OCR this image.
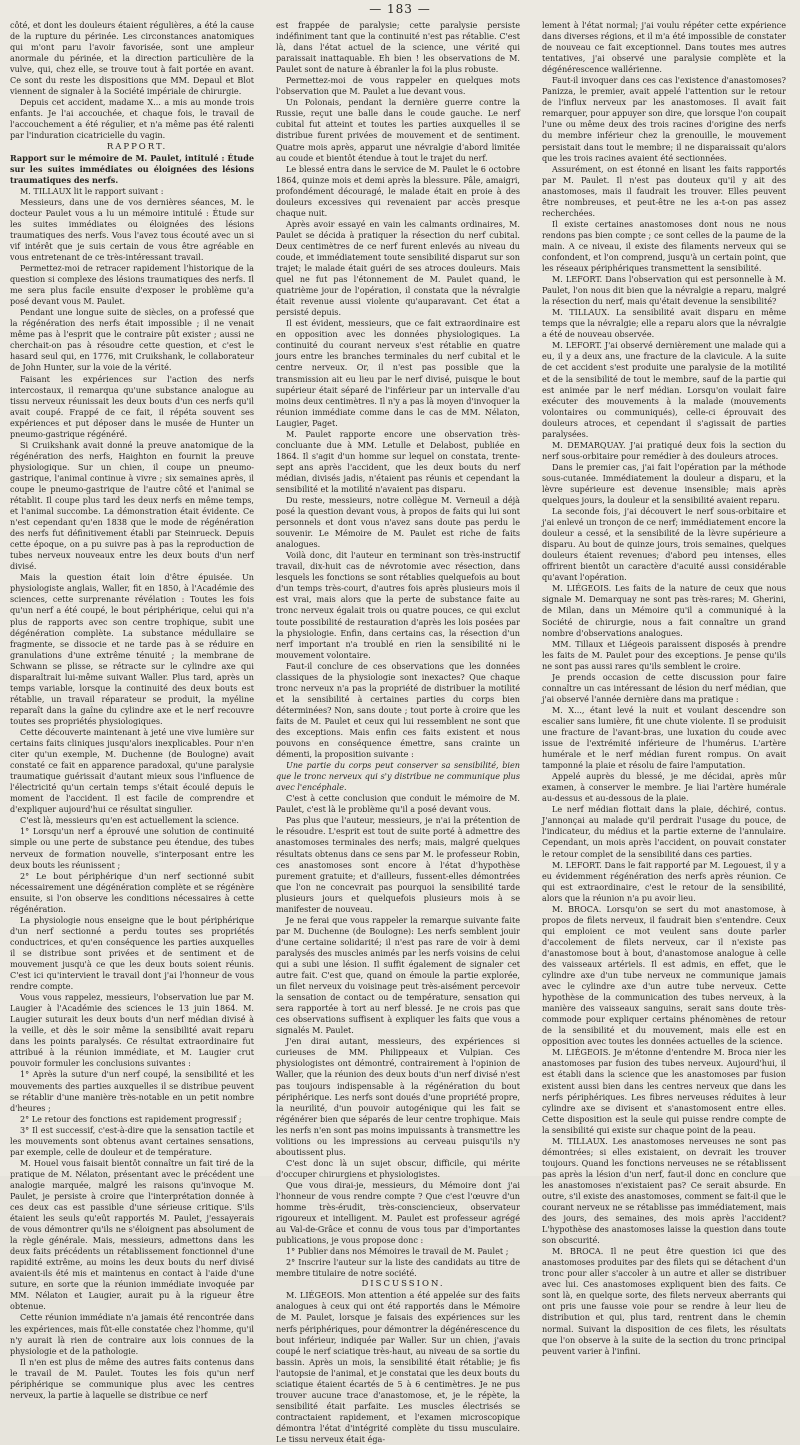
— 183 —

côté, et dont les douleurs étaient régulières, a été la cause de la rupture du périnée. Les circonstances anatomiques qui m'ont paru l'avoir favorisée, sont une ampleur anormale du périnée, et la direction particulière de la vulve, qui, chez elle, se trouve tout à fait portée en avant. Ce sont du reste les dispositions que MM. Depaul et Blot viennent de signaler à la Société impériale de chirurgie.

Depuis cet accident, madame X... a mis au monde trois enfants. Je l'ai accouchée, et chaque fois, le travail de l'accouchement a été régulier, et n'a même pas été ralenti par l'induration cicatricielle du vagin.

RAPPORT.

Rapport sur le mémoire de M. Paulet, intitulé : Étude sur les suites immédiates ou éloignées des lésions traumatiques des nerfs.

M. TILLAUX lit le rapport suivant :

Messieurs, dans une de vos dernières séances, M. le docteur Paulet vous a lu un mémoire intitulé : Étude sur les suites immédiates ou éloignées des lésions traumatiques des nerfs. Vous l'avez tous écouté avec un si vif intérêt que je suis certain de vous être agréable en vous entretenant de ce très-intéressant travail.

Permettez-moi de retracer rapidement l'historique de la question si complexe des lésions traumatiques des nerfs. Il me sera plus facile ensuite d'exposer le problème qu'a posé devant vous M. Paulet.

Pendant une longue suite de siècles, on a professé que la régénération des nerfs était impossible ; il ne venait même pas à l'esprit que le contraire pût exister ; aussi ne cherchait-on pas à résoudre cette question, et c'est le hasard seul qui, en 1776, mit Cruikshank, le collaborateur de John Hunter, sur la voie de la vérité.

Faisant les expériences sur l'action des nerfs intercostaux, il remarqua qu'une substance analogue au tissu nerveux réunissait les deux bouts d'un ces nerfs qu'il avait coupé. Frappé de ce fait, il répéta souvent ses expériences et put déposer dans le musée de Hunter un pneumo-gastrique régénéré.

Si Cruikshank avait donné la preuve anatomique de la régénération des nerfs, Haighton en fournit la preuve physiologique. Sur un chien, il coupe un pneumo-gastrique, l'animal continue à vivre ; six semaines après, il coupe le pneumo-gastrique de l'autre côté et l'animal se rétablit. Il coupe plus tard les deux nerfs en même temps, et l'animal succombe. La démonstration était évidente. Ce n'est cependant qu'en 1838 que le mode de régénération des nerfs fut définitivement établi par Steinrueck. Depuis cette époque, on a pu suivre pas à pas la reproduction de tubes nerveux nouveaux entre les deux bouts d'un nerf divisé.

Mais la question était loin d'être épuisée. Un physiologiste anglais, Waller, fit en 1850, à l'Académie des sciences, cette surprenante révélation : Toutes les fois qu'un nerf a été coupé, le bout périphérique, celui qui n'a plus de rapports avec son centre trophique, subit une dégénération complète. La substance médullaire se fragmente, se dissocie et ne tarde pas à se réduire en granulations d'une extrême ténuité ; la membrane de Schwann se plisse, se rétracte sur le cylindre axe qui disparaîtrait lui-même suivant Waller. Plus tard, après un temps variable, lorsque la continuité des deux bouts est rétablie, un travail réparateur se produit, la myéline reparaît dans la gaîne du cylindre axe et le nerf recouvre toutes ses propriétés physiologiques.

Cette découverte maintenant à jeté une vive lumière sur certains faits cliniques jusqu'alors inexplicables. Pour n'en citer qu'un exemple, M. Duchenne (de Boulogne) avait constaté ce fait en apparence paradoxal, qu'une paralysie traumatique guérissait d'autant mieux sous l'influence de l'électricité qu'un certain temps s'était écoulé depuis le moment de l'accident. Il est facile de comprendre et d'expliquer aujourd'hui ce résultat singulier.

C'est là, messieurs qu'en est actuellement la science.

1° Lorsqu'un nerf a éprouvé une solution de continuité simple ou une perte de substance peu étendue, des tubes nerveux de formation nouvelle, s'interposant entre les deux bouts les réunissent ;

2° Le bout périphérique d'un nerf sectionné subit nécessairement une dégénération complète et se régénère ensuite, si l'on observe les conditions nécessaires à cette régénération.

La physiologie nous enseigne que le bout périphérique d'un nerf sectionné a perdu toutes ses propriétés conductrices, et qu'en conséquence les parties auxquelles il se distribue sont privées et de sentiment et de mouvement jusqu'à ce que les deux bouts soient réunis. C'est ici qu'intervient le travail dont j'ai l'honneur de vous rendre compte.

Vous vous rappelez, messieurs, l'observation lue par M. Laugier à l'Académie des sciences le 13 juin 1864. M. Laugier suturait les deux bouts d'un nerf médian divisé à la veille, et dès le soir même la sensibilité avait reparu dans les points paralysés. Ce résultat extraordinaire fut attribué à la réunion immédiate, et M. Laugier crut pouvoir formuler les conclusions suivantes :

1° Après la suture d'un nerf coupé, la sensibilité et les mouvements des parties auxquelles il se distribue peuvent se rétablir d'une manière très-notable en un petit nombre d'heures ;

2° Le retour des fonctions est rapidement progressif ;

3° Il est successif, c'est-à-dire que la sensation tactile et les mouvements sont obtenus avant certaines sensations, par exemple, celle de douleur et de température.

M. Houel vous faisait bientôt connaître un fait tiré de la pratique de M. Nélaton, présentant avec le précédent une analogie marquée, malgré les raisons qu'invoque M. Paulet, je persiste à croire que l'interprétation donnée à ces deux cas est passible d'une sérieuse critique. S'ils étaient les seuls qu'eût rapportés M. Paulet, j'essayerais de vous démontrer qu'ils ne s'éloignent pas absolument de la règle générale. Mais, messieurs, admettons dans les deux faits précédents un rétablissement fonctionnel d'une rapidité extrême, au moins les deux bouts du nerf divisé avaient-ils été mis et maintenus en contact à l'aide d'une suture, en sorte que la réunion immédiate invoquée par MM. Nélaton et Laugier, aurait pu à la rigueur être obtenue.

Cette réunion immédiate n'a jamais été rencontrée dans les expériences, mais fût-elle constatée chez l'homme, qu'il n'y aurait là rien de contraire aux lois connues de la physiologie et de la pathologie.

Il n'en est plus de même des autres faits contenus dans le travail de M. Paulet. Toutes les fois qu'un nerf périphérique se communique plus avec les centres nerveux, la partie à laquelle se distribue ce nerf

est frappée de paralysie; cette paralysie persiste indéfiniment tant que la continuité n'est pas rétablie. C'est là, dans l'état actuel de la science, une vérité qui paraissait inattaquable. Eh bien ! les observations de M. Paulet sont de nature à ébranler la foi la plus robuste.

Permettez-moi de vous rappeler en quelques mots l'observation que M. Paulet a lue devant vous.

Un Polonais, pendant la dernière guerre contre la Russie, reçut une balle dans le coude gauche. Le nerf cubital fut atteint et toutes les parties auxquelles il se distribue furent privées de mouvement et de sentiment. Quatre mois après, apparut une névralgie d'abord limitée au coude et bientôt étendue à tout le trajet du nerf.

Le blessé entra dans le service de M. Paulet le 6 octobre 1864, quinze mois et demi après la blessure. Pâle, amaigri, profondément découragé, le malade était en proie à des douleurs excessives qui revenaient par accès presque chaque nuit.

Après avoir essayé en vain les calmants ordinaires, M. Paulet se décida à pratiquer la résection du nerf cubital. Deux centimètres de ce nerf furent enlevés au niveau du coude, et immédiatement toute sensibilité disparut sur son trajet; le malade était guéri de ses atroces douleurs. Mais quel ne fut pas l'étonnement de M. Paulet quand, le quatrième jour de l'opération, il constata que la névralgie était revenue aussi violente qu'auparavant. Cet état a persisté depuis.

Il est évident, messieurs, que ce fait extraordinaire est en opposition avec les données physiologiques. La continuité du courant nerveux s'est rétablie en quatre jours entre les branches terminales du nerf cubital et le centre nerveux. Or, il n'est pas possible que la transmission ait eu lieu par le nerf divisé, puisque le bout supérieur était séparé de l'inférieur par un intervalle d'au moins deux centimètres. Il n'y a pas là moyen d'invoquer la réunion immédiate comme dans le cas de MM. Nélaton, Laugier, Paget.

M. Paulet rapporte encore une observation très-concluante due à MM. Letulle et Delabost, publiée en 1864. Il s'agit d'un homme sur lequel on constata, trente-sept ans après l'accident, que les deux bouts du nerf médian, divisés jadis, n'étaient pas réunis et cependant la sensibilité et la motilité n'avaient pas disparu.

Du reste, messieurs, notre collègue M. Verneuil a déjà posé la question devant vous, à propos de faits qui lui sont personnels et dont vous n'avez sans doute pas perdu le souvenir. Le Mémoire de M. Paulet est riche de faits analogues.

Voilà donc, dit l'auteur en terminant son très-instructif travail, dix-huit cas de névrotomie avec résection, dans lesquels les fonctions se sont rétablies quelquefois au bout d'un temps très-court, d'autres fois après plusieurs mois il est vrai, mais alors que la perte de substance faite au tronc nerveux égalait trois ou quatre pouces, ce qui exclut toute possibilité de restauration d'après les lois posées par la physiologie. Enfin, dans certains cas, la résection d'un nerf important n'a troublé en rien la sensibilité ni le mouvement volontaire.

Faut-il conclure de ces observations que les données classiques de la physiologie sont inexactes? Que chaque tronc nerveux n'a pas la propriété de distribuer la motilité et la sensibilité à certaines parties du corps bien déterminées? Non, sans doute ; tout porte à croire que les faits de M. Paulet et ceux qui lui ressemblent ne sont que des exceptions. Mais enfin ces faits existent et nous pouvons en conséquence émettre, sans crainte un démenti, la proposition suivante :

Une partie du corps peut conserver sa sensibilité, bien que le tronc nerveux qui s'y distribue ne communique plus avec l'encéphale.

C'est à cette conclusion que conduit le mémoire de M. Paulet, c'est là le problème qu'il a posé devant vous.

Pas plus que l'auteur, messieurs, je n'ai la prétention de le résoudre. L'esprit est tout de suite porté à admettre des anastomoses terminales des nerfs; mais, malgré quelques résultats obtenus dans ce sens par M. le professeur Robin, ces anastomoses sont encore à l'état d'hypothèse purement gratuite; et d'ailleurs, fussent-elles démontrées que l'on ne concevrait pas pourquoi la sensibilité tarde plusieurs jours et quelquefois plusieurs mois à se manifester de nouveau.

Je ne ferai que vous rappeler la remarque suivante faite par M. Duchenne (de Boulogne): Les nerfs semblent jouir d'une certaine solidarité; il n'est pas rare de voir à demi paralysés des muscles animés par les nerfs voisins de celui qui a subi une lésion. Il suffit également de signaler cet autre fait. C'est que, quand on émoule la partie explorée, un filet nerveux du voisinage peut très-aisément percevoir la sensation de contact ou de température, sensation qui sera rapportée à tort au nerf blessé. Je ne crois pas que ces observations suffisent à expliquer les faits que vous a signalés M. Paulet.

J'en dirai autant, messieurs, des expériences si curieuses de MM. Philippeaux et Vulpian. Ces physiologistes ont démontré, contrairement à l'opinion de Waller, que la réunion des deux bouts d'un nerf divisé n'est pas toujours indispensable à la régénération du bout périphérique. Les nerfs sont doués d'une propriété propre, la neurilité, d'un pouvoir autogénique qui les fait se régénérer bien que séparés de leur centre trophique. Mais les nerfs n'en sont pas moins impuissants à transmettre les volitions ou les impressions au cerveau puisqu'ils n'y aboutissent plus.

C'est donc là un sujet obscur, difficile, qui mérite d'occuper chirurgiens et physiologistes.

Que vous dirai-je, messieurs, du Mémoire dont j'ai l'honneur de vous rendre compte ? Que c'est l'œuvre d'un homme très-érudit, très-consciencieux, observateur rigoureux et intelligent. M. Paulet est professeur agrégé au Val-de-Grâce et connu de vous tous par d'importantes publications, je vous propose donc :

1° Publier dans nos Mémoires le travail de M. Paulet ;

2° Inscrire l'auteur sur la liste des candidats au titre de membre titulaire de notre société.

DISCUSSION.

M. LIÉGEOIS. Mon attention a été appelée sur des faits analogues à ceux qui ont été rapportés dans le Mémoire de M. Paulet, lorsque je faisais des expériences sur les nerfs périphériques, pour démontrer la dégénérescence du bout inférieur, indiquée par Waller. Sur un chien, j'avais coupé le nerf sciatique très-haut, au niveau de sa sortie du bassin. Après un mois, la sensibilité était rétablie; je fis l'autopsie de l'animal, et je constatai que les deux bouts du sciatique étaient écartés de 5 à 6 centimètres. Je ne pus trouver aucune trace d'anastomose, et, je le répète, la sensibilité était parfaite. Les muscles électrisés se contractaient rapidement, et l'examen microscopique démontra l'état d'intégrité complète du tissu musculaire. Le tissu nerveux était éga-

lement à l'état normal; j'ai voulu répéter cette expérience dans diverses régions, et il m'a été impossible de constater de nouveau ce fait exceptionnel. Dans toutes mes autres tentatives, j'ai observé une paralysie complète et la dégénérescence wallérienne.

Faut-il invoquer dans ces cas l'existence d'anastomoses? Panizza, le premier, avait appelé l'attention sur le retour de l'influx nerveux par les anastomoses. Il avait fait remarquer, pour appuyer son dire, que lorsque l'on coupait l'une ou même deux des trois racines d'origine des nerfs du membre inférieur chez la grenouille, le mouvement persistait dans tout le membre; il ne disparaissait qu'alors que les trois racines avaient été sectionnées.

Assurément, on est étonné en lisant les faits rapportés par M. Paulet. Il n'est pas douteux qu'il y ait des anastomoses, mais il faudrait les trouver. Elles peuvent être nombreuses, et peut-être ne les a-t-on pas assez recherchées.

Il existe certaines anastomoses dont nous ne nous rendons pas bien compte ; ce sont celles de la paume de la main. A ce niveau, il existe des filaments nerveux qui se confondent, et l'on comprend, jusqu'à un certain point, que les réseaux périphériques transmettent la sensibilité.

M. LEFORT. Dans l'observation qui est personnelle à M. Paulet, l'on nous dit bien que la névralgie a reparu, malgré la résection du nerf, mais qu'était devenue la sensibilité?

M. TILLAUX. La sensibilité avait disparu en même temps que la névralgie; elle a reparu alors que la névralgie a été de nouveau observée.

M. LEFORT. J'ai observé dernièrement une malade qui a eu, il y a deux ans, une fracture de la clavicule. A la suite de cet accident s'est produite une paralysie de la motilité et de la sensibilité de tout le membre, sauf de la partie qui est animée par le nerf médian. Lorsqu'on voulait faire exécuter des mouvements à la malade (mouvements volontaires ou communiqués), celle-ci éprouvait des douleurs atroces, et cependant il s'agissait de parties paralysées.

M. DEMARQUAY. J'ai pratiqué deux fois la section du nerf sous-orbitaire pour remédier à des douleurs atroces.

Dans le premier cas, j'ai fait l'opération par la méthode sous-cutanée. Immédiatement la douleur a disparu, et la lèvre supérieure est devenue insensible; mais après quelques jours, la douleur et la sensibilité avaient reparu.

La seconde fois, j'ai découvert le nerf sous-orbitaire et j'ai enlevé un tronçon de ce nerf; immédiatement encore la douleur a cessé, et la sensibilité de la lèvre supérieure a disparu. Au bout de quinze jours, trois semaines, quelques douleurs étaient revenues; d'abord peu intenses, elles offrirent bientôt un caractère d'acuité aussi considérable qu'avant l'opération.

M. LIÉGEOIS. Les faits de la nature de ceux que nous signale M. Demarquay ne sont pas très-rares; M. Gherini, de Milan, dans un Mémoire qu'il a communiqué à la Société de chirurgie, nous a fait connaître un grand nombre d'observations analogues.

MM. Tillaux et Liégeois paraissent disposés à prendre les faits de M. Paulet pour des exceptions. Je pense qu'ils ne sont pas aussi rares qu'ils semblent le croire.

Je prends occasion de cette discussion pour faire connaître un cas intéressant de lésion du nerf médian, que j'ai observé l'année dernière dans ma pratique :

M. X..., étant levé la nuit et voulant descendre son escalier sans lumière, fit une chute violente. Il se produisit une fracture de l'avant-bras, une luxation du coude avec issue de l'extrémité inférieure de l'humérus. L'artère humérale et le nerf médian furent rompus. On avait tamponné la plaie et résolu de faire l'amputation.

Appelé auprès du blessé, je me décidai, après mûr examen, à conserver le membre. Je liai l'artère humérale au-dessus et au-dessous de la plaie.

Le nerf médian flottait dans la plaie, déchiré, contus. J'annonçai au malade qu'il perdrait l'usage du pouce, de l'indicateur, du médius et la partie externe de l'annulaire. Cependant, un mois après l'accident, on pouvait constater le retour complet de la sensibilité dans ces parties.

M. LEFORT. Dans le fait rapporté par M. Legouest, il y a eu évidemment régénération des nerfs après réunion. Ce qui est extraordinaire, c'est le retour de la sensibilité, alors que la réunion n'a pu avoir lieu.

M. BROCA. Lorsqu'on se sert du mot anastomose, à propos de filets nerveux, il faudrait bien s'entendre. Ceux qui emploient ce mot veulent sans doute parler d'accolement de filets nerveux, car il n'existe pas d'anastomose bout à bout, d'anastomose analogue à celle des vaisseaux artériels. Il est admis, en effet, que le cylindre axe d'un tube nerveux ne communique jamais avec le cylindre axe d'un autre tube nerveux. Cette hypothèse de la communication des tubes nerveux, à la manière des vaisseaux sanguins, serait sans doute très-commode pour expliquer certains phénomènes de retour de la sensibilité et du mouvement, mais elle est en opposition avec toutes les données actuelles de la science.

M. LIÉGEOIS. Je m'étonne d'entendre M. Broca nier les anastomoses par fusion des tubes nerveux. Aujourd'hui, il est établi dans la science que les anastomoses par fusion existent aussi bien dans les centres nerveux que dans les nerfs périphériques. Les fibres nerveuses réduites à leur cylindre axe se divisent et s'anastomosent entre elles. Cette disposition est la seule qui puisse rendre compte de la sensibilité qui existe sur chaque point de la peau.

M. TILLAUX. Les anastomoses nerveuses ne sont pas démontrées; si elles existaient, on devrait les trouver toujours. Quand les fonctions nerveuses ne se rétablissent pas après la lésion d'un nerf, faut-il donc en conclure que les anastomoses n'existaient pas? Ce serait absurde. En outre, s'il existe des anastomoses, comment se fait-il que le courant nerveux ne se rétablisse pas immédiatement, mais des jours, des semaines, des mois après l'accident? L'hypothèse des anastomoses laisse la question dans toute son obscurité.

M. BROCA. Il ne peut être question ici que des anastomoses produites par des filets qui se détachent d'un tronc pour aller s'accoler à un autre et aller se distribuer avec lui. Ces anastomoses expliquent bien des faits. Ce sont là, en quelque sorte, des filets nerveux aberrants qui ont pris une fausse voie pour se rendre à leur lieu de distribution et qui, plus tard, rentrent dans le chemin normal. Suivant la disposition de ces filets, les résultats que l'on observe à la suite de la section du tronc principal peuvent varier à l'infini.
